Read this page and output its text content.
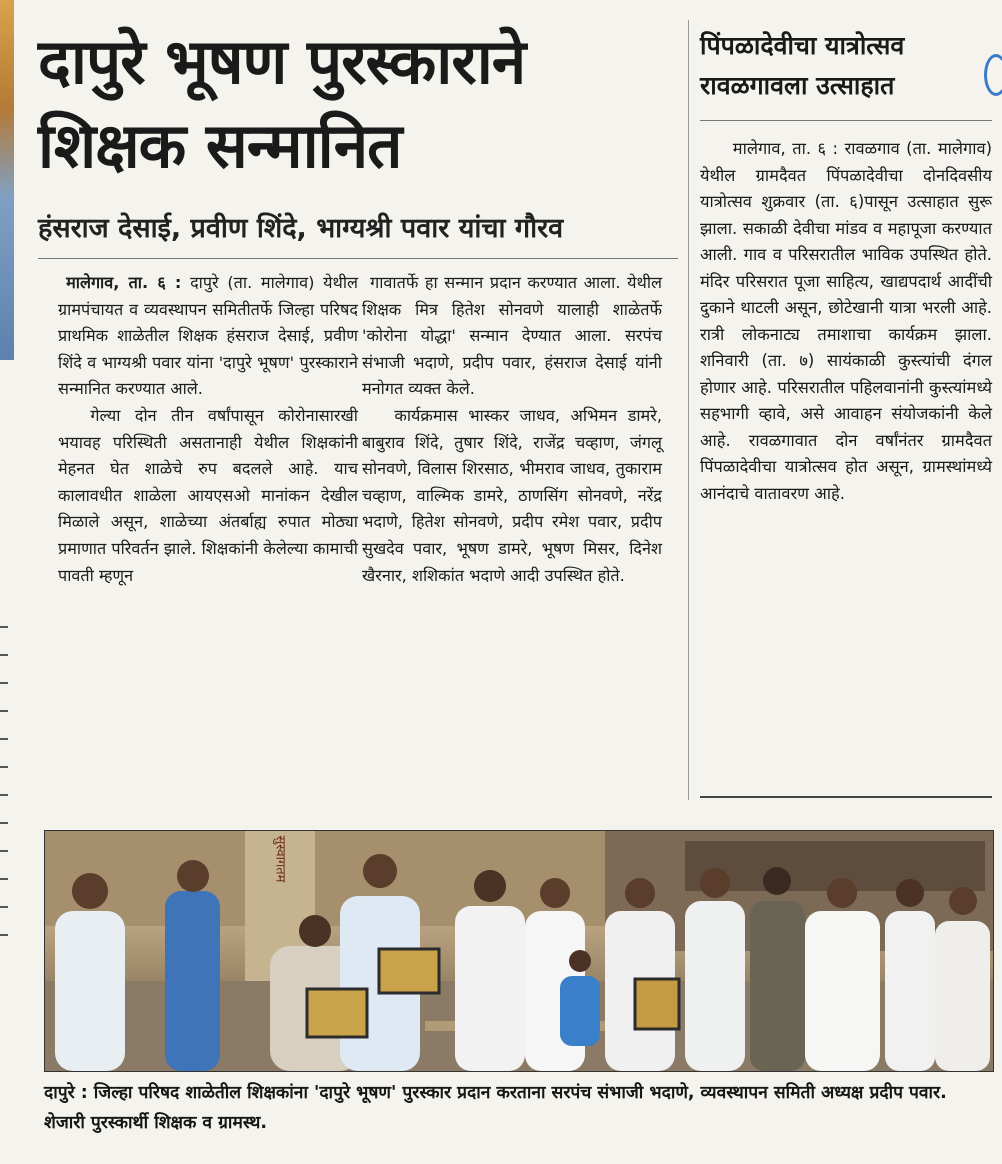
दापुरे भूषण पुरस्काराने
शिक्षक सन्मानित
हंसराज देसाई, प्रवीण शिंदे, भाग्यश्री पवार यांचा गौरव

मालेगाव, ता. ६ : दापुरे (ता. मालेगाव) येथील ग्रामपंचायत व व्यवस्थापन समितीतर्फे जिल्हा परिषद प्राथमिक शाळेतील शिक्षक हंसराज देसाई, प्रवीण शिंदे व भाग्यश्री पवार यांना 'दापुरे भूषण' पुरस्काराने सन्मानित करण्यात आले.

गेल्या दोन तीन वर्षांपासून कोरोनासारखी भयावह परिस्थिती असतानाही येथील शिक्षकांनी मेहनत घेत शाळेचे रुप बदलले आहे. याच कालावधीत शाळेला आयएसओ मानांकन देखील मिळाले असून, शाळेच्या अंतर्बाह्य रुपात मोठ्या प्रमाणात परिवर्तन झाले. शिक्षकांनी केलेल्या कामाची पावती म्हणून

गावातर्फे हा सन्मान प्रदान करण्यात आला. येथील शिक्षक मित्र हितेश सोनवणे यालाही शाळेतर्फे 'कोरोना योद्धा' सन्मान देण्यात आला. सरपंच संभाजी भदाणे, प्रदीप पवार, हंसराज देसाई यांनी मनोगत व्यक्त केले.

कार्यक्रमास भास्कर जाधव, अभिमन डामरे, बाबुराव शिंदे, तुषार शिंदे, राजेंद्र चव्हाण, जंगलू सोनवणे, विलास शिरसाठ, भीमराव जाधव, तुकाराम चव्हाण, वाल्मिक डामरे, ठाणसिंग सोनवणे, नरेंद्र भदाणे, हितेश सोनवणे, प्रदीप रमेश पवार, प्रदीप सुखदेव पवार, भूषण डामरे, भूषण मिसर, दिनेश खैरनार, शशिकांत भदाणे आदी उपस्थित होते.

पिंपळादेवीचा यात्रोत्सव
रावळगावला उत्साहात

मालेगाव, ता. ६ : रावळगाव (ता. मालेगाव) येथील ग्रामदैवत पिंपळादेवीचा दोनदिवसीय यात्रोत्सव शुक्रवार (ता. ६)पासून उत्साहात सुरू झाला. सकाळी देवीचा मांडव व महापूजा करण्यात आली. गाव व परिसरातील भाविक उपस्थित होते. मंदिर परिसरात पूजा साहित्य, खाद्यपदार्थ आदींची दुकाने थाटली असून, छोटेखानी यात्रा भरली आहे. रात्री लोकनाट्य तमाशाचा कार्यक्रम झाला. शनिवारी (ता. ७) सायंकाळी कुस्त्यांची दंगल होणार आहे. परिसरातील पहिलवानांनी कुस्त्यांमध्ये सहभागी व्हावे, असे आवाहन संयोजकांनी केले आहे. रावळगावात दोन वर्षांनंतर ग्रामदैवत पिंपळादेवीचा यात्रोत्सव होत असून, ग्रामस्थांमध्ये आनंदाचे वातावरण आहे.

सुस्वागतम
दापुरे : जिल्हा परिषद शाळेतील शिक्षकांना 'दापुरे भूषण' पुरस्कार प्रदान करताना सरपंच संभाजी भदाणे, व्यवस्थापन समिती अध्यक्ष प्रदीप पवार. शेजारी पुरस्कार्थी शिक्षक व ग्रामस्थ.
